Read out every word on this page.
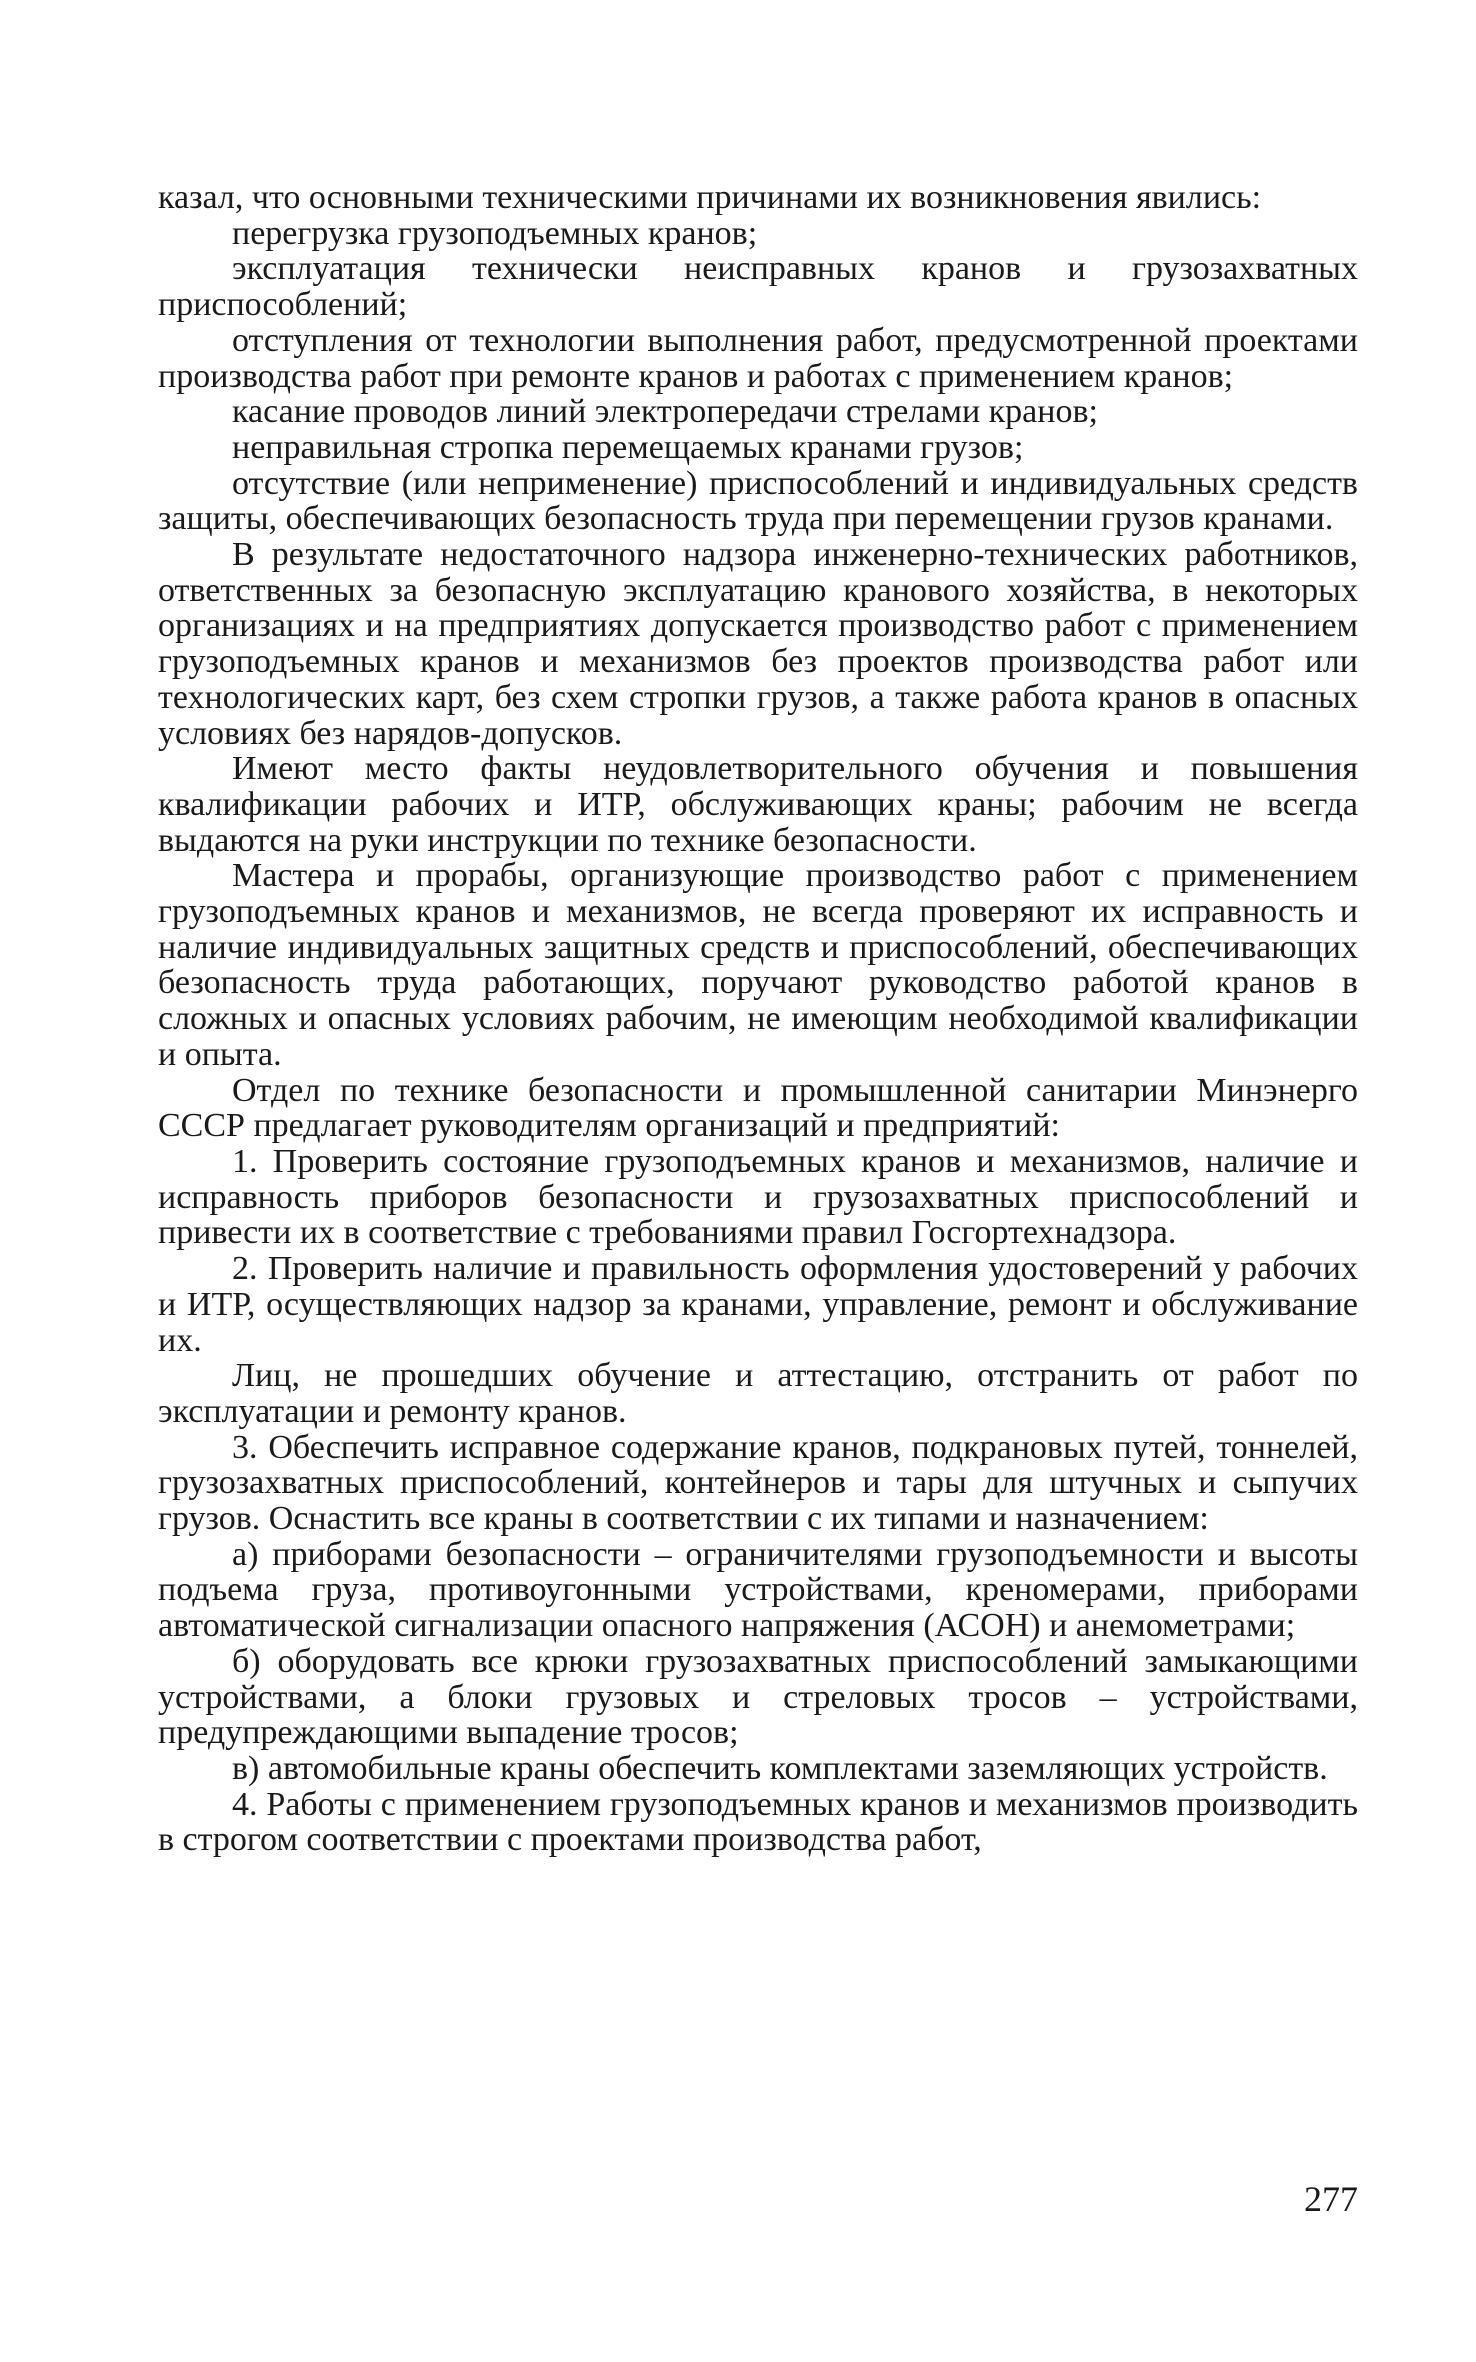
казал, что основными техническими причинами их возникновения явились:

перегрузка грузоподъемных кранов;

эксплуатация технически неисправных кранов и грузозахватных приспособлений;

отступления от технологии выполнения работ, предусмотренной проектами производства работ при ремонте кранов и работах с применением кранов;

касание проводов линий электропередачи стрелами кранов;

неправильная стропка перемещаемых кранами грузов;

отсутствие (или неприменение) приспособлений и индивидуальных средств защиты, обеспечивающих безопасность труда при перемещении грузов кранами.

В результате недостаточного надзора инженерно-технических работников, ответственных за безопасную эксплуатацию кранового хозяйства, в некоторых организациях и на предприятиях допускается производство работ с применением грузоподъемных кранов и механизмов без проектов производства работ или технологических карт, без схем стропки грузов, а также работа кранов в опасных условиях без нарядов-допусков.

Имеют место факты неудовлетворительного обучения и повышения квалификации рабочих и ИТР, обслуживающих краны; рабочим не всегда выдаются на руки инструкции по технике безопасности.

Мастера и прорабы, организующие производство работ с применением грузоподъемных кранов и механизмов, не всегда проверяют их исправность и наличие индивидуальных защитных средств и приспособлений, обеспечивающих безопасность труда работающих, поручают руководство работой кранов в сложных и опасных условиях рабочим, не имеющим необходимой квалификации и опыта.

Отдел по технике безопасности и промышленной санитарии Минэнерго СССР предлагает руководителям организаций и предприятий:

1. Проверить состояние грузоподъемных кранов и механизмов, наличие и исправность приборов безопасности и грузозахватных приспособлений и привести их в соответствие с требованиями правил Госгортехнадзора.

2. Проверить наличие и правильность оформления удостоверений у рабочих и ИТР, осуществляющих надзор за кранами, управление, ремонт и обслуживание их.

Лиц, не прошедших обучение и аттестацию, отстранить от работ по эксплуатации и ремонту кранов.

3. Обеспечить исправное содержание кранов, подкрановых путей, тоннелей, грузозахватных приспособлений, контейнеров и тары для штучных и сыпучих грузов. Оснастить все краны в соответствии с их типами и назначением:

а) приборами безопасности – ограничителями грузоподъемности и высоты подъема груза, противоугонными устройствами, креномерами, приборами автоматической сигнализации опасного напряжения (АСОН) и анемометрами;

б) оборудовать все крюки грузозахватных приспособлений замыкающими устройствами, а блоки грузовых и стреловых тросов – устройствами, предупреждающими выпадение тросов;

в) автомобильные краны обеспечить комплектами заземляющих устройств.

4. Работы с применением грузоподъемных кранов и механизмов производить в строгом соответствии с проектами производства работ,

277
